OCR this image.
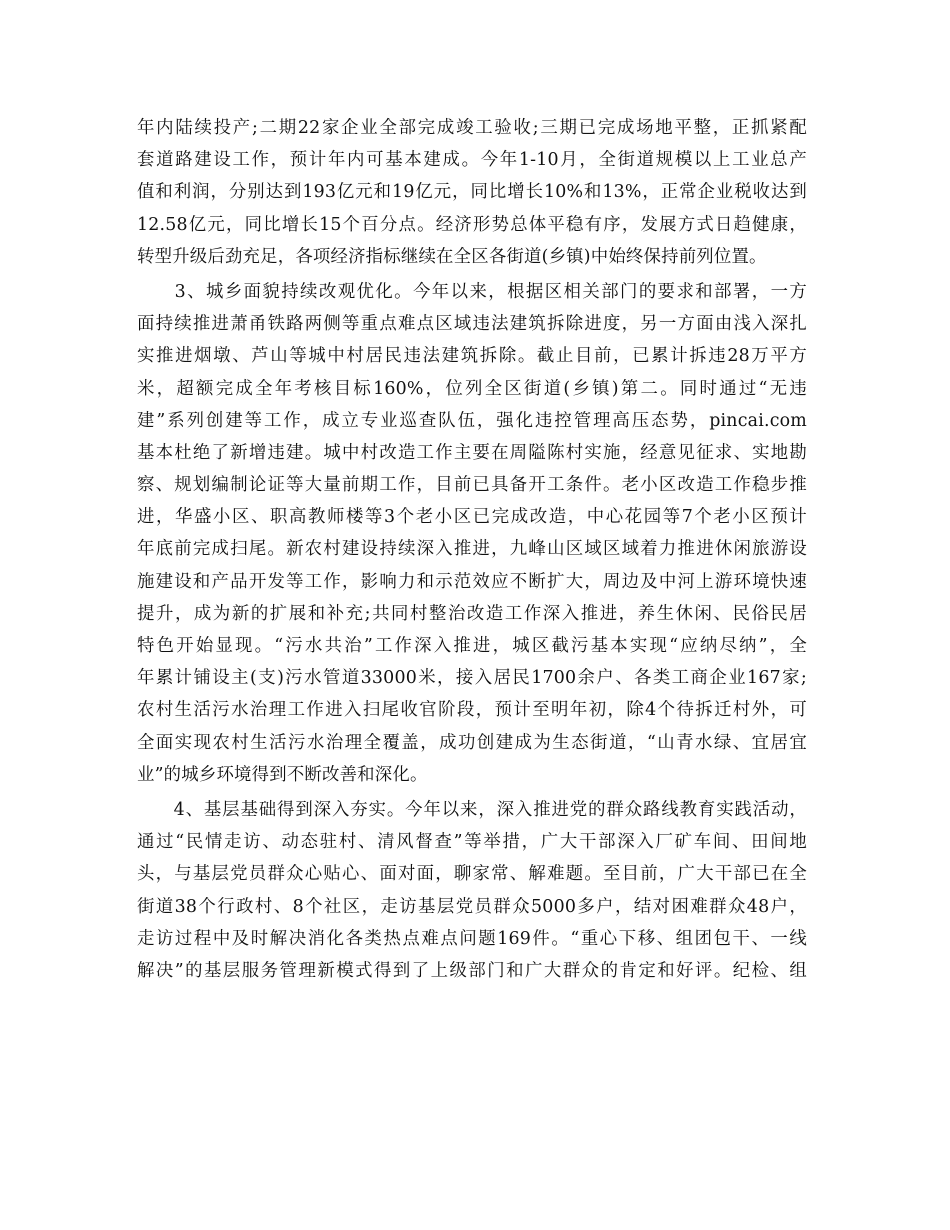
年内陆续投产;二期22家企业全部完成竣工验收;三期已完成场地平整，正抓紧配
套道路建设工作，预计年内可基本建成。今年1-10月，全街道规模以上工业总产
值和利润，分别达到193亿元和19亿元，同比增长10%和13%，正常企业税收达到
12.58亿元，同比增长15个百分点。经济形势总体平稳有序，发展方式日趋健康，
转型升级后劲充足，各项经济指标继续在全区各街道(乡镇)中始终保持前列位置。
　　3、城乡面貌持续改观优化。今年以来，根据区相关部门的要求和部署，一方
面持续推进萧甬铁路两侧等重点难点区域违法建筑拆除进度，另一方面由浅入深扎
实推进烟墩、芦山等城中村居民违法建筑拆除。截止目前，已累计拆违28万平方
米，超额完成全年考核目标160%，位列全区街道(乡镇)第二。同时通过“无违
建”系列创建等工作，成立专业巡查队伍，强化违控管理高压态势，pincai.com
基本杜绝了新增违建。城中村改造工作主要在周隘陈村实施，经意见征求、实地勘
察、规划编制论证等大量前期工作，目前已具备开工条件。老小区改造工作稳步推
进，华盛小区、职高教师楼等3个老小区已完成改造，中心花园等7个老小区预计
年底前完成扫尾。新农村建设持续深入推进，九峰山区域区域着力推进休闲旅游设
施建设和产品开发等工作，影响力和示范效应不断扩大，周边及中河上游环境快速
提升，成为新的扩展和补充;共同村整治改造工作深入推进，养生休闲、民俗民居
特色开始显现。“污水共治”工作深入推进，城区截污基本实现“应纳尽纳”，全
年累计铺设主(支)污水管道33000米，接入居民1700余户、各类工商企业167家;
农村生活污水治理工作进入扫尾收官阶段，预计至明年初，除4个待拆迁村外，可
全面实现农村生活污水治理全覆盖，成功创建成为生态街道，“山青水绿、宜居宜
业”的城乡环境得到不断改善和深化。
　　4、基层基础得到深入夯实。今年以来，深入推进党的群众路线教育实践活动，
通过“民情走访、动态驻村、清风督查”等举措，广大干部深入厂矿车间、田间地
头，与基层党员群众心贴心、面对面，聊家常、解难题。至目前，广大干部已在全
街道38个行政村、8个社区，走访基层党员群众5000多户，结对困难群众48户，
走访过程中及时解决消化各类热点难点问题169件。“重心下移、组团包干、一线
解决”的基层服务管理新模式得到了上级部门和广大群众的肯定和好评。纪检、组
